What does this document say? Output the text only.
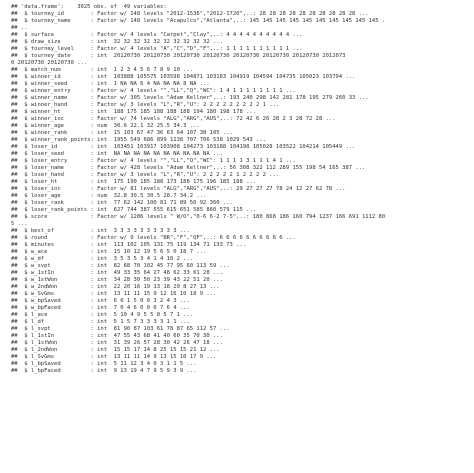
## 'data.frame':    3025 obs. of  49 variables:
##  $ tourney_id        : Factor w/ 148 levels "2012-1536","2012-1720",..: 28 28 28 28 28 28 28 28 28 28 ...
##  $ tourney_name      : Factor w/ 148 levels "Acapulco","Atlanta",..: 145 145 145 145 145 145 145 145 145 145 .
## ..
##  $ surface           : Factor w/ 4 levels "Carpet","Clay",..: 4 4 4 4 4 4 4 4 4 4 ...
##  $ draw_size         : int  32 32 32 32 32 32 32 32 32 32 ...
##  $ tourney_level     : Factor w/ 4 levels "A","C","D","F",..: 1 1 1 1 1 1 1 1 1 1 ...
##  $ tourney_date      : int  20120730 20120730 20120730 20120730 20120730 20120730 20120730 2012073
0 20120730 20120730 ...
##  $ match_num         : int  1 2 3 4 5 6 7 8 9 10 ...
##  $ winner_id         : int  103888 105575 103598 104871 103163 104919 104594 104735 105023 103794 ...
##  $ winner_seed       : int  1 NA NA 6 4 NA NA NA 8 NA ...
##  $ winner_entry      : Factor w/ 4 levels "","LL","Q","WC": 1 4 1 1 1 1 1 1 1 1 ...
##  $ winner_name       : Factor w/ 305 levels "Adam Kellner",..: 193 240 298 142 281 178 195 279 260 33 ...
##  $ winner_hand       : Factor w/ 3 levels "L","R","U": 2 2 2 2 2 2 2 2 2 1 ...
##  $ winner_ht         : int  188 175 185 188 188 188 194 180 198 178 ...
##  $ winner_ioc        : Factor w/ 74 levels "ALG","ARG","AUS",..: 72 42 6 26 28 2 3 28 72 28 ...
##  $ winner_age        : num  30.6 22.1 32 25.5 34.3 ...
##  $ winner_rank       : int  15 103 67 47 36 63 64 107 38 105 ...
##  $ winner_rank_points: int  1955 549 686 899 1138 707 706 538 1029 543 ...
##  $ loser_id          : int  103451 103917 103908 104273 103188 104198 105028 103522 104214 105449 ...
##  $ loser_seed        : int  NA NA NA NA NA NA NA NA NA NA ...
##  $ loser_entry       : Factor w/ 4 levels "","LL","Q","WC": 1 1 1 1 3 1 1 1 4 1 ...
##  $ loser_name        : Factor w/ 428 levels "Adam Kellner",..: 56 308 322 112 289 155 198 54 165 387 ...
##  $ loser_hand        : Factor w/ 3 levels "L","R","U": 2 2 2 2 2 1 2 2 2 2 ...
##  $ loser_ht          : int  175 190 185 188 173 188 175 196 185 188 ...
##  $ loser_ioc         : Factor w/ 81 levels "ALG","ARG","AUS",..: 29 27 27 27 78 24 12 27 62 78 ...
##  $ loser_age         : num  32.8 30.5 30.5 28.7 34.2 ...
##  $ loser_rank        : int  77 62 142 100 81 71 89 50 92 360 ...
##  $ loser_rank_points : int  627 744 387 555 615 651 585 860 579 115 ...
##  $ score             : Factor w/ 1286 levels " W/O","0-6 6-2 7-5",..: 180 868 186 160 794 1237 166 691 1112 80
5 ...
##  $ best_of           : int  3 3 3 3 3 3 3 3 3 3 ...
##  $ round             : Factor w/ 9 levels "BR","F","QF",..: 6 6 6 6 6 6 6 6 6 6 ...
##  $ minutes           : int  113 102 105 131 75 119 134 71 133 73 ...
##  $ w_ace             : int  15 10 12 19 5 6 5 0 18 7 ...
##  $ w_df              : int  3 5 3 5 3 4 1 4 10 2 ...
##  $ w_svpt            : int  82 68 70 102 45 77 95 60 113 59 ...
##  $ w_1stIn           : int  49 33 35 64 27 48 62 33 61 28 ...
##  $ w_1stWon          : int  34 28 30 50 23 39 43 22 51 20 ...
##  $ w_2ndWon          : int  22 20 16 19 13 18 20 8 27 13 ...
##  $ w_SvGms           : int  13 11 11 15 9 12 16 10 18 9 ...
##  $ w_bpSaved         : int  6 0 1 5 0 0 3 2 4 3 ...
##  $ w_bpFaced         : int  7 0 4 6 0 0 6 7 6 4 ...
##  $ l_ace             : int  5 10 4 9 5 5 8 5 7 1 ...
##  $ l_df              : int  5 1 5 7 3 3 3 3 1 1 ...
##  $ l_svpt            : int  81 90 87 103 61 78 87 65 112 57 ...
##  $ l_1stIn           : int  47 55 43 68 41 40 60 35 70 30 ...
##  $ l_1stWon          : int  31 39 26 57 28 30 42 26 47 18 ...
##  $ l_2ndWon          : int  15 15 17 14 8 25 15 15 21 12 ...
##  $ l_SvGms           : int  13 11 11 14 9 13 15 10 17 9 ...
##  $ l_bpSaved         : int  5 11 12 3 4 0 3 1 1 5 ...
##  $ l_bpFaced         : int  9 13 19 4 7 9 5 9 3 9 ...
